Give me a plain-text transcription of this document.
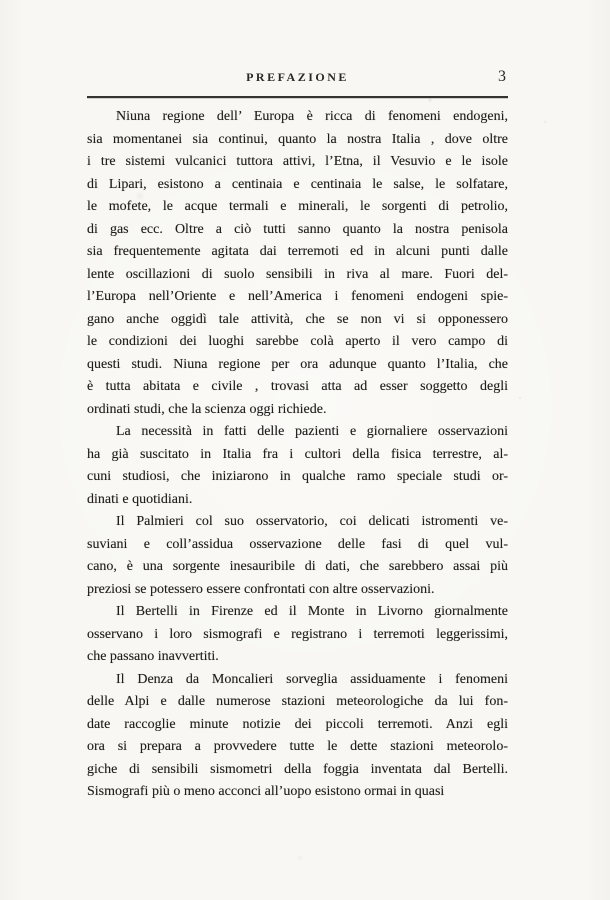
PREFAZIONE	3
Niuna regione dell’ Europa è ricca di fenomeni endogeni,
sia momentanei sia continui, quanto la nostra Italia , dove oltre
i tre sistemi vulcanici tuttora attivi, l’Etna, il Vesuvio e le isole
di Lipari, esistono a centinaia e centinaia le salse, le solfatare,
le mofete, le acque termali e minerali, le sorgenti di petrolio,
di gas ecc. Oltre a ciò tutti sanno quanto la nostra penisola
sia frequentemente agitata dai terremoti ed in alcuni punti dalle
lente oscillazioni di suolo sensibili in riva al mare. Fuori del-
l’Europa nell’Oriente e nell’America i fenomeni endogeni spie-
gano anche oggidì tale attività, che se non vi si opponessero
le condizioni dei luoghi sarebbe colà aperto il vero campo di
questi studi. Niuna regione per ora adunque quanto l’Italia, che
è tutta abitata e civile , trovasi atta ad esser soggetto degli
ordinati studi, che la scienza oggi richiede.
La necessità in fatti delle pazienti e giornaliere osservazioni
ha già suscitato in Italia fra i cultori della fisica terrestre, al-
cuni studiosi, che iniziarono in qualche ramo speciale studi or-
dinati e quotidiani.
Il Palmieri col suo osservatorio, coi delicati istromenti ve-
suviani e coll’assidua osservazione delle fasi di quel vul-
cano, è una sorgente inesauribile di dati, che sarebbero assai più
preziosi se potessero essere confrontati con altre osservazioni.
Il Bertelli in Firenze ed il Monte in Livorno giornalmente
osservano i loro sismografi e registrano i terremoti leggerissimi,
che passano inavvertiti.
Il Denza da Moncalieri sorveglia assiduamente i fenomeni
delle Alpi e dalle numerose stazioni meteorologiche da lui fon-
date raccoglie minute notizie dei piccoli terremoti. Anzi egli
ora si prepara a provvedere tutte le dette stazioni meteorolo-
giche di sensibili sismometri della foggia inventata dal Bertelli.
Sismografi più o meno acconci all’uopo esistono ormai in quasi
